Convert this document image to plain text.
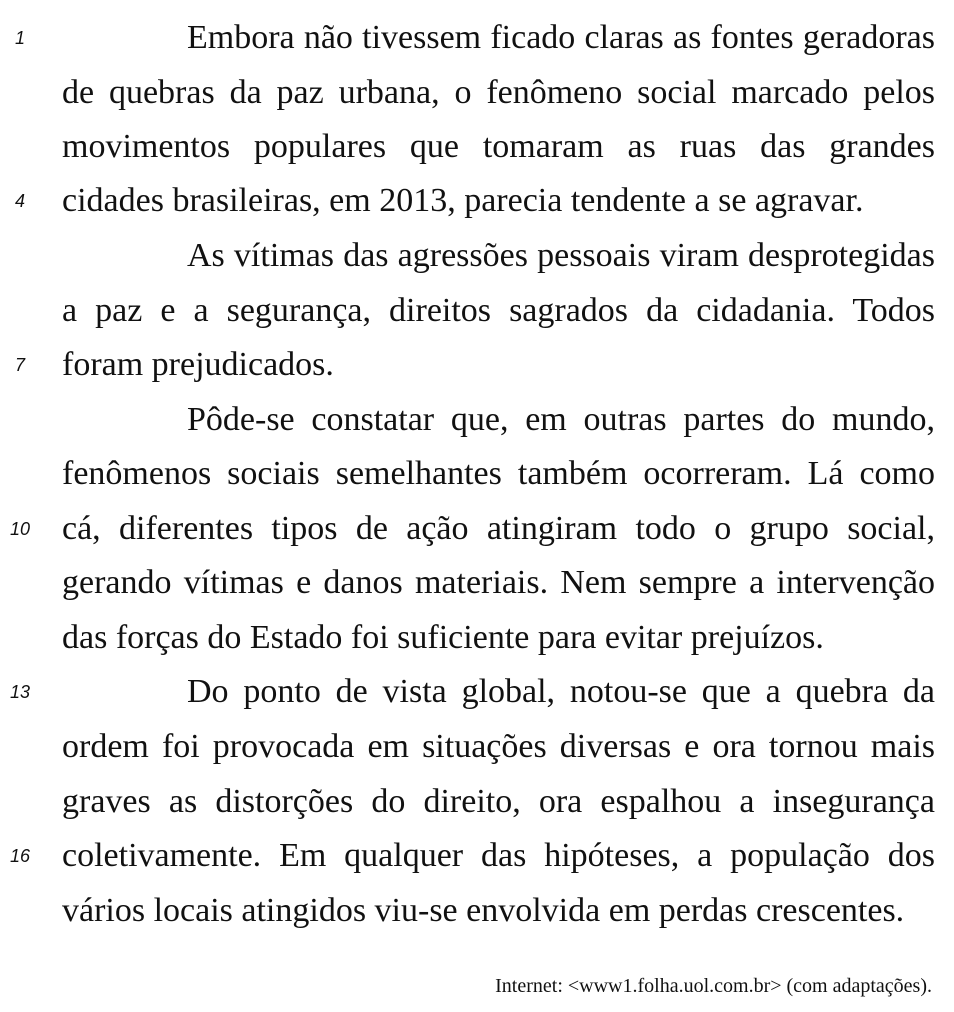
1
4
7
10
13
16
Embora não tivessem ficado claras as fontes geradoras
de quebras da paz urbana, o fenômeno social marcado pelos
movimentos populares que tomaram as ruas das grandes
cidades brasileiras, em 2013, parecia tendente a se agravar.
As vítimas das agressões pessoais viram desprotegidas
a paz e a segurança, direitos sagrados da cidadania. Todos
foram prejudicados.
Pôde-se constatar que, em outras partes do mundo,
fenômenos sociais semelhantes também ocorreram. Lá como
cá, diferentes tipos de ação atingiram todo o grupo social,
gerando vítimas e danos materiais. Nem sempre a intervenção
das forças do Estado foi suficiente para evitar prejuízos.
Do ponto de vista global, notou-se que a quebra da
ordem foi provocada em situações diversas e ora tornou mais
graves as distorções do direito, ora espalhou a insegurança
coletivamente. Em qualquer das hipóteses, a população dos
vários locais atingidos viu-se envolvida em perdas crescentes.
Internet: <www1.folha.uol.com.br> (com adaptações).
